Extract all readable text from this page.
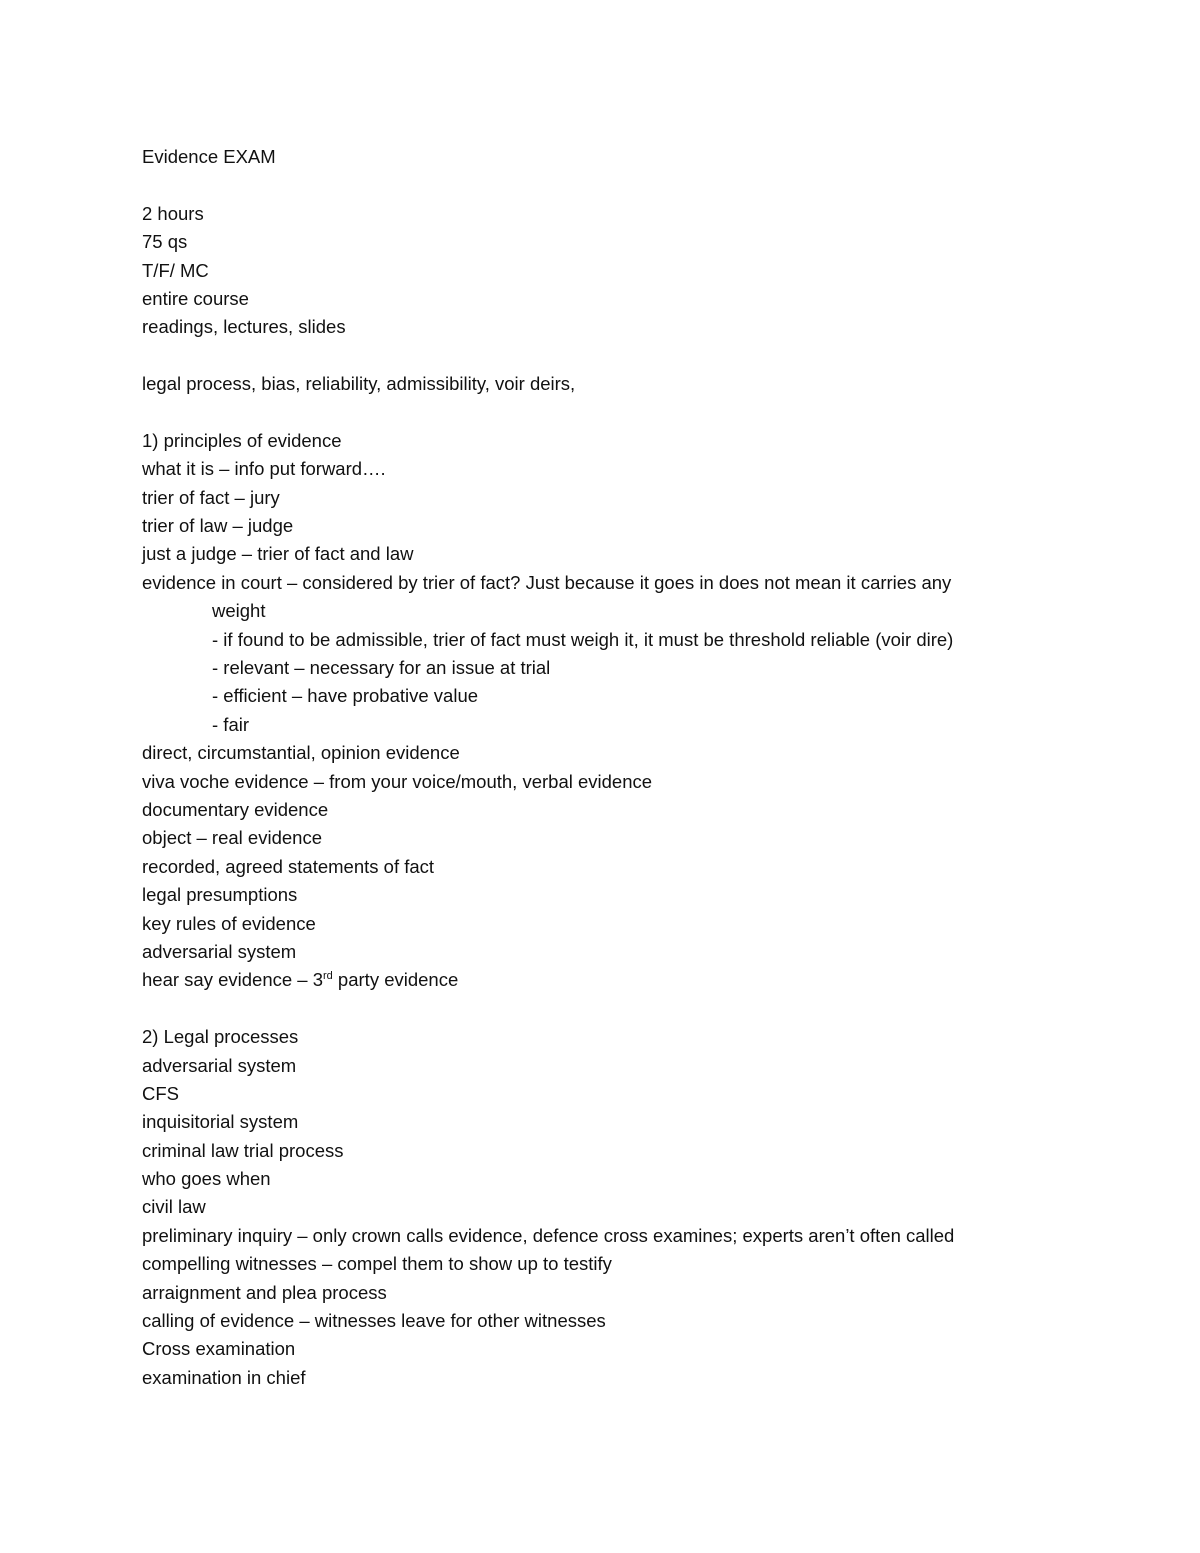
Evidence EXAM
2 hours
75 qs
T/F/ MC
entire course
readings, lectures, slides
legal process, bias, reliability, admissibility, voir deirs,
1) principles of evidence
what it is – info put forward….
trier of fact – jury
trier of law – judge
just a judge – trier of fact and law
evidence in court – considered by trier of fact? Just because it goes in does not mean it carries any
weight
- if found to be admissible, trier of fact must weigh it, it must be threshold reliable (voir dire)
- relevant – necessary for an issue at trial
- efficient – have probative value
- fair
direct, circumstantial, opinion evidence
viva voche evidence – from your voice/mouth, verbal evidence
documentary evidence
object – real evidence
recorded, agreed statements of fact
legal presumptions
key rules of evidence
adversarial system
hear say evidence – 3rd party evidence
2) Legal processes
adversarial system
CFS
inquisitorial system
criminal law trial process
who goes when
civil law
preliminary inquiry – only crown calls evidence, defence cross examines; experts aren’t often called
compelling witnesses – compel them to show up to testify
arraignment and plea process
calling of evidence – witnesses leave for other witnesses
Cross examination
examination in chief
